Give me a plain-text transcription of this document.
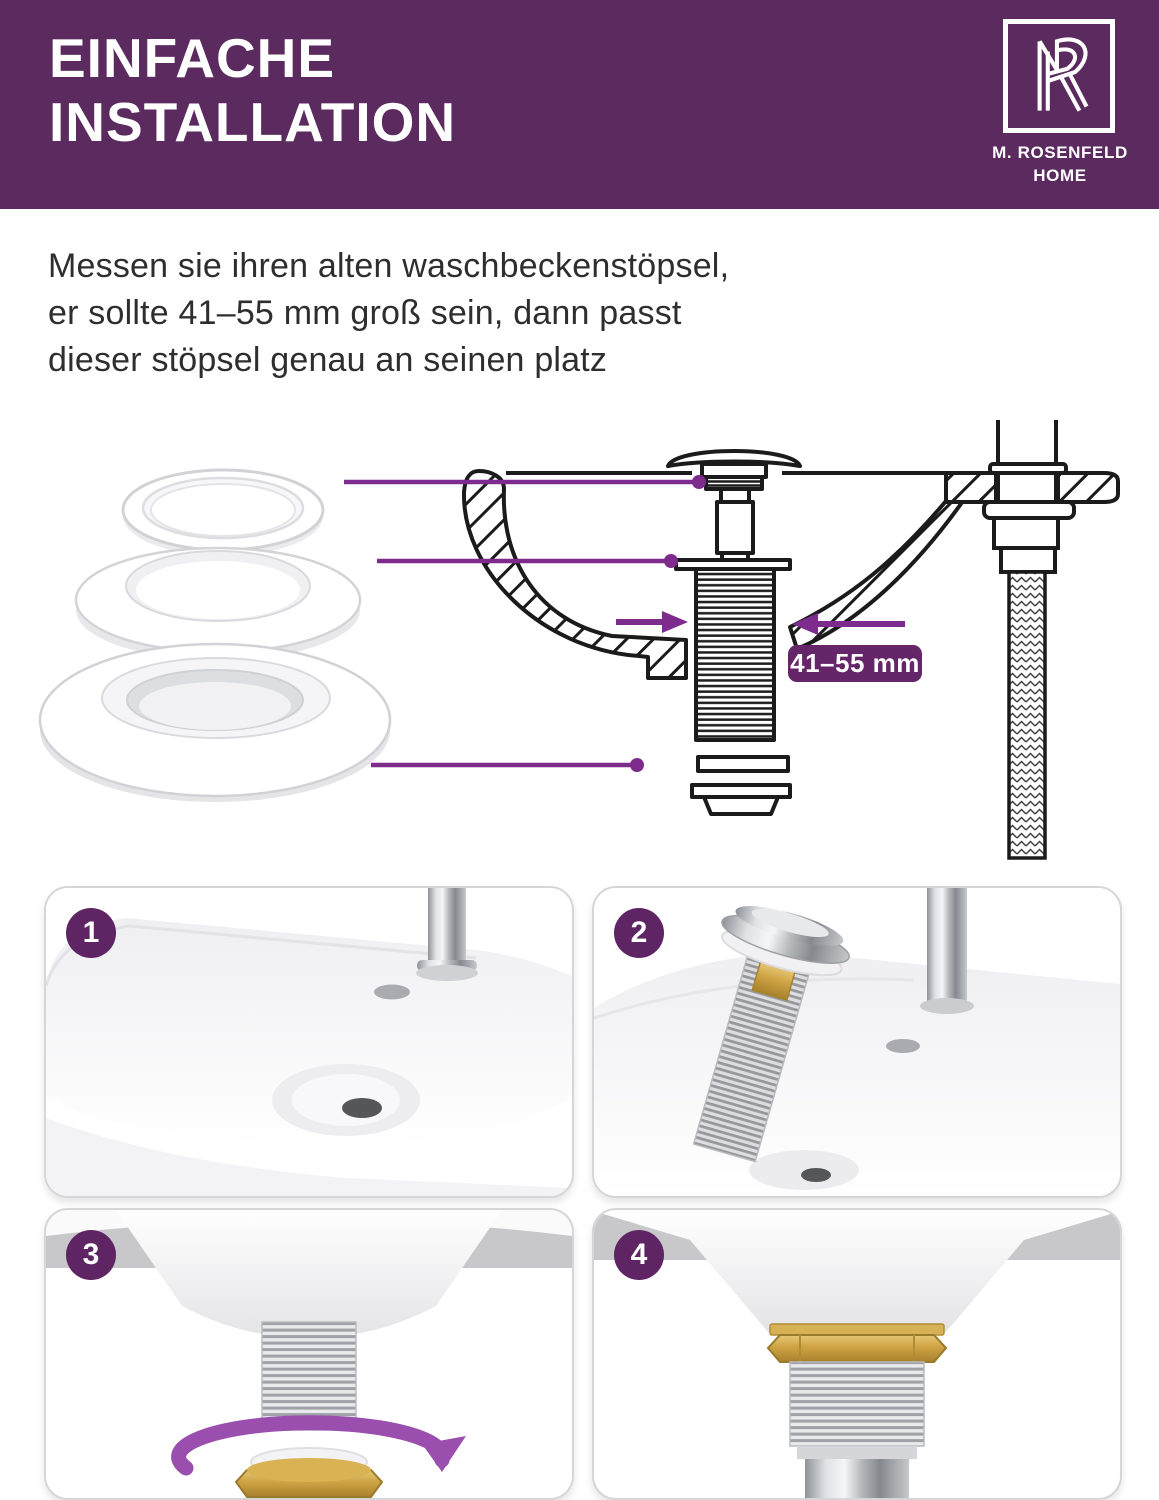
EINFACHE
INSTALLATION	M. ROSENFELD
HOME
Messen sie ihren alten waschbeckenstöpsel,
er sollte 41–55 mm groß sein, dann passt
dieser stöpsel genau an seinen platz
41–55 mm
1	2
3	4
